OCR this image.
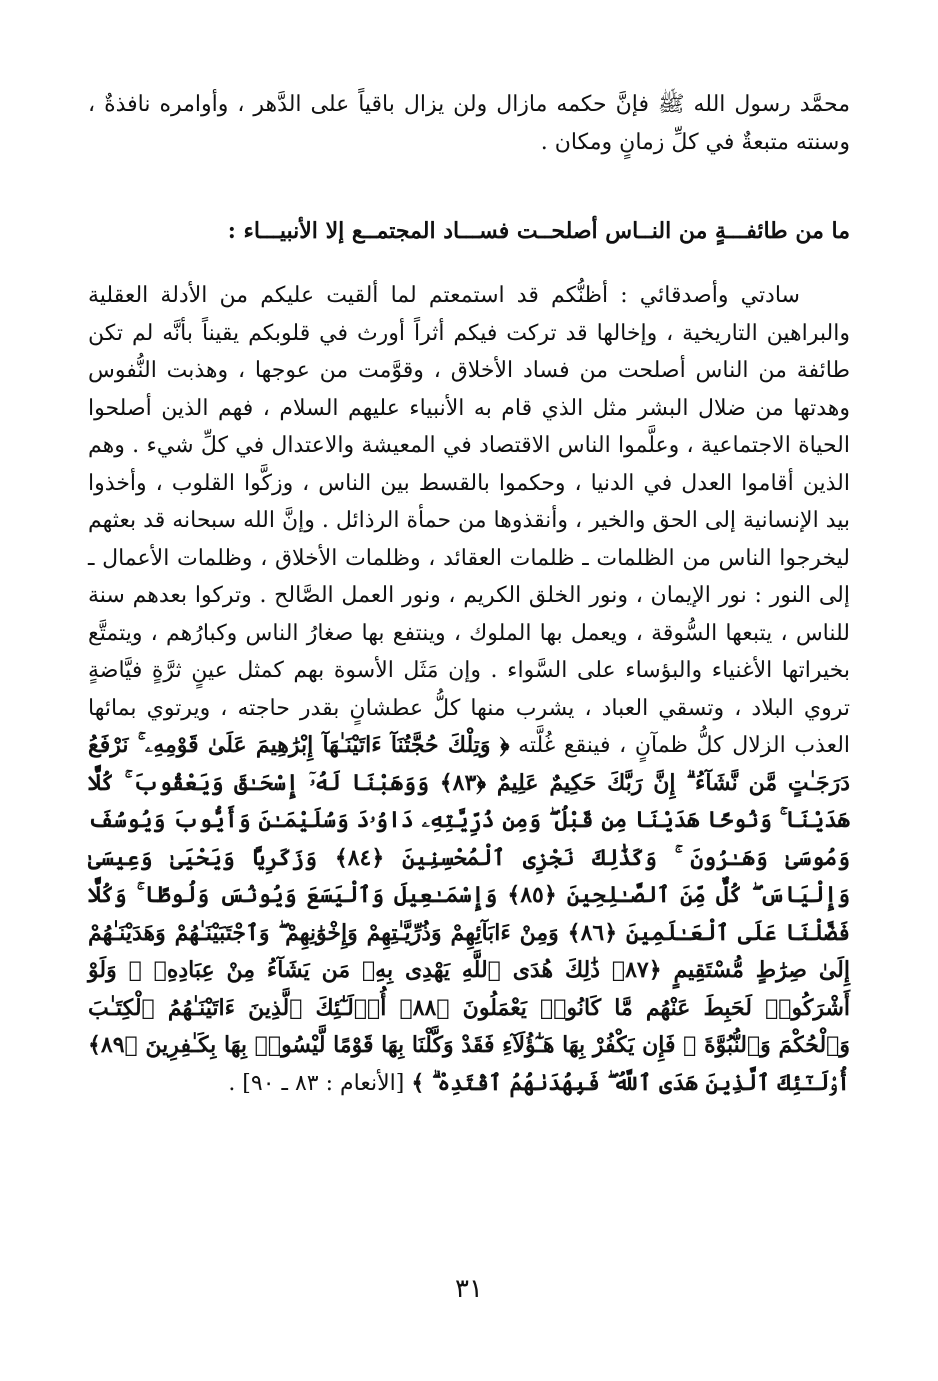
محمَّد رسول الله ﷺ فإنَّ حكمه مازال ولن يزال باقياً على الدَّهر ، وأوامره نافذةٌ ، وسنته متبعةٌ في كلِّ زمانٍ ومكان .

ما من طائفـــةٍ من النــاس أصلحــت فســـاد المجتمــع إلا الأنبيـــاء :

سادتي وأصدقائي : أظنُّكم قد استمعتم لما ألقيت عليكم من الأدلة العقلية والبراهين التاريخية ، وإخالها قد تركت فيكم أثراً أورث في قلوبكم يقيناً بأنَّه لم تكن طائفة من الناس أصلحت من فساد الأخلاق ، وقوَّمت من عوجها ، وهذبت النُّفوس وهدتها من ضلال البشر مثل الذي قام به الأنبياء عليهم السلام ، فهم الذين أصلحوا الحياة الاجتماعية ، وعلَّموا الناس الاقتصاد في المعيشة والاعتدال في كلِّ شيء . وهم الذين أقاموا العدل في الدنيا ، وحكموا بالقسط بين الناس ، وزكَّوا القلوب ، وأخذوا بيد الإنسانية إلى الحق والخير ، وأنقذوها من حمأة الرذائل . وإنَّ الله سبحانه قد بعثهم ليخرجوا الناس من الظلمات ـ ظلمات العقائد ، وظلمات الأخلاق ، وظلمات الأعمال ـ إلى النور : نور الإيمان ، ونور الخلق الكريم ، ونور العمل الصَّالح . وتركوا بعدهم سنة للناس ، يتبعها السُّوقة ، ويعمل بها الملوك ، وينتفع بها صغارُ الناس وكبارُهم ، ويتمتَّع بخيراتها الأغنياء والبؤساء على السَّواء . وإن مَثَل الأسوة بهم كمثل عينٍ ثرَّةٍ فيَّاضةٍ تروي البلاد ، وتسقي العباد ، يشرب منها كلُّ عطشانٍ بقدر حاجته ، ويرتوي بمائها العذب الزلال كلُّ ظمآنٍ ، فينقع غُلَّته ﴿ وَتِلْكَ حُجَّتُنَآ ءَاتَيْنَـٰهَآ إِبْرَٰهِيمَ عَلَىٰ قَوْمِهِۦ ۚ نَرْفَعُ دَرَجَـٰتٍ مَّن نَّشَآءُ ۗ إِنَّ رَبَّكَ حَكِيمٌ عَلِيمٌ ﴿٨٣﴾ وَوَهَبْنَا لَهُۥٓ إِسْحَـٰقَ وَيَعْقُوبَ ۚ كُلًّا هَدَيْنَا ۚ وَنُوحًا هَدَيْنَا مِن قَبْلُ ۖ وَمِن ذُرِّيَّتِهِۦ دَاوُۥدَ وَسُلَيْمَـٰنَ وَأَيُّوبَ وَيُوسُفَ وَمُوسَىٰ وَهَـٰرُونَ ۚ وَكَذَٰلِكَ نَجْزِى ٱلْمُحْسِنِينَ ﴿٨٤﴾ وَزَكَرِيَّا وَيَحْيَىٰ وَعِيسَىٰ وَإِلْيَاسَ ۖ كُلٌّ مِّنَ ٱلصَّـٰلِحِينَ ﴿٨٥﴾ وَإِسْمَـٰعِيلَ وَٱلْيَسَعَ وَيُونُسَ وَلُوطًا ۚ وَكُلًّا فَضَّلْنَا عَلَى ٱلْعَـٰلَمِينَ ﴿٨٦﴾ وَمِنْ ءَابَآئِهِمْ وَذُرِّيَّـٰتِهِمْ وَإِخْوَٰنِهِمْ ۖ وَٱجْتَبَيْنَـٰهُمْ وَهَدَيْنَـٰهُمْ إِلَىٰ صِرَٰطٍ مُّسْتَقِيمٍ ﴿٨٧﴾ ذَٰلِكَ هُدَى ٱللَّهِ يَهْدِى بِهِۦ مَن يَشَآءُ مِنْ عِبَادِهِۦ ۚ وَلَوْ أَشْرَكُوا۟ لَحَبِطَ عَنْهُم مَّا كَانُوا۟ يَعْمَلُونَ ﴿٨٨﴾ أُو۟لَـٰٓئِكَ ٱلَّذِينَ ءَاتَيْنَـٰهُمُ ٱلْكِتَـٰبَ وَٱلْحُكْمَ وَٱلنُّبُوَّةَ ۚ فَإِن يَكْفُرْ بِهَا هَـٰٓؤُلَآءِ فَقَدْ وَكَّلْنَا بِهَا قَوْمًا لَّيْسُوا۟ بِهَا بِكَـٰفِرِينَ ﴿٨٩﴾ أُو۟لَـٰٓئِكَ ٱلَّذِينَ هَدَى ٱللَّهُ ۖ فَبِهُدَىٰهُمُ ٱقْتَدِهْ ۗ ﴾ [الأنعام : ٨٣ ـ ٩٠] .

٣١
